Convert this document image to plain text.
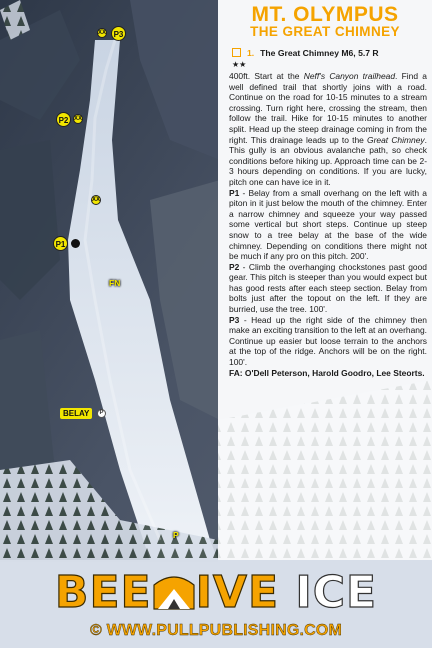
XX P3
P2 XX
XX
P1
FN
BELAY	P
P
MT. OLYMPUS
THE GREAT CHIMNEY
1. The Great Chimney M6, 5.7 R
★★

400ft. Start at the Neff's Canyon trailhead. Find a well defined trail that shortly joins with a road. Continue on the road for 10-15 minutes to a stream crossing. Turn right here, crossing the stream, then follow the trail. Hike for 10-15 minutes to another split. Head up the steep drainage coming in from the right. This drainage leads up to the Great Chimney. This gully is an obvious avalanche path, so check conditions before hiking up. Approach time can be 2-3 hours depending on conditions. If you are lucky, pitch one can have ice in it.

P1 - Belay from a small overhang on the left with a piton in it just below the mouth of the chimney. Enter a narrow chimney and squeeze your way passed some vertical but short steps. Continue up steep snow to a tree belay at the base of the wide chimney. Depending on conditions there might not be much if any pro on this pitch. 200'.

P2 - Climb the overhanging chockstones past good gear. This pitch is steeper than you would expect but has good rests after each steep section. Belay from bolts just after the topout on the left. If they are burried, use the tree. 100'.

P3 - Head up the right side of the chimney then make an exciting transition to the left at an overhang. Continue up easier but loose terrain to the anchors at the top of the ridge. Anchors will be on the right. 100'.

FA: O'Dell Peterson, Harold Goodro, Lee Steorts.

BEE IVE ICE
© WWW.PULLPUBLISHING.COM
